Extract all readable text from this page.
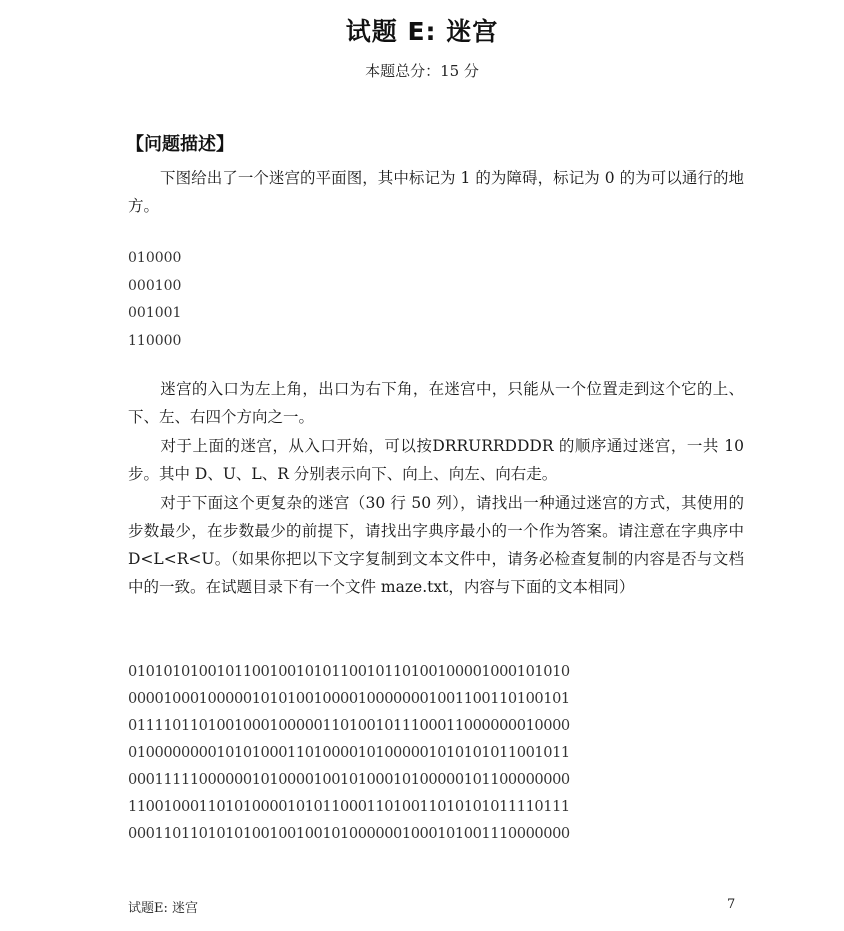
试题 E: 迷宫
本题总分：15 分
【问题描述】
下图给出了一个迷宫的平面图，其中标记为 1 的为障碍，标记为 0 的为可以通行的地方。
010000
000100
001001
110000
迷宫的入口为左上角，出口为右下角，在迷宫中，只能从一个位置走到这个它的上、下、左、右四个方向之一。
对于上面的迷宫，从入口开始，可以按DRRURRDDDR 的顺序通过迷宫，一共 10 步。其中 D、U、L、R 分别表示向下、向上、向左、向右走。
对于下面这个更复杂的迷宫（30 行 50 列），请找出一种通过迷宫的方式，其使用的步数最少，在步数最少的前提下，请找出字典序最小的一个作为答案。请注意在字典序中D<L<R<U。（如果你把以下文字复制到文本文件中，请务必检查复制的内容是否与文档中的一致。在试题目录下有一个文件 maze.txt，内容与下面的文本相同）
01010101001011001001010110010110100100001000101010
00001000100000101010010000100000001001100110100101
01111011010010001000001101001011100011000000010000
01000000001010100011010000101000001010101011001011
00011111000000101000010010100010100000101100000000
11001000110101000010101100011010011010101011110111
00011011010101001001001010000001000101001110000000
试题E: 迷宫	7
